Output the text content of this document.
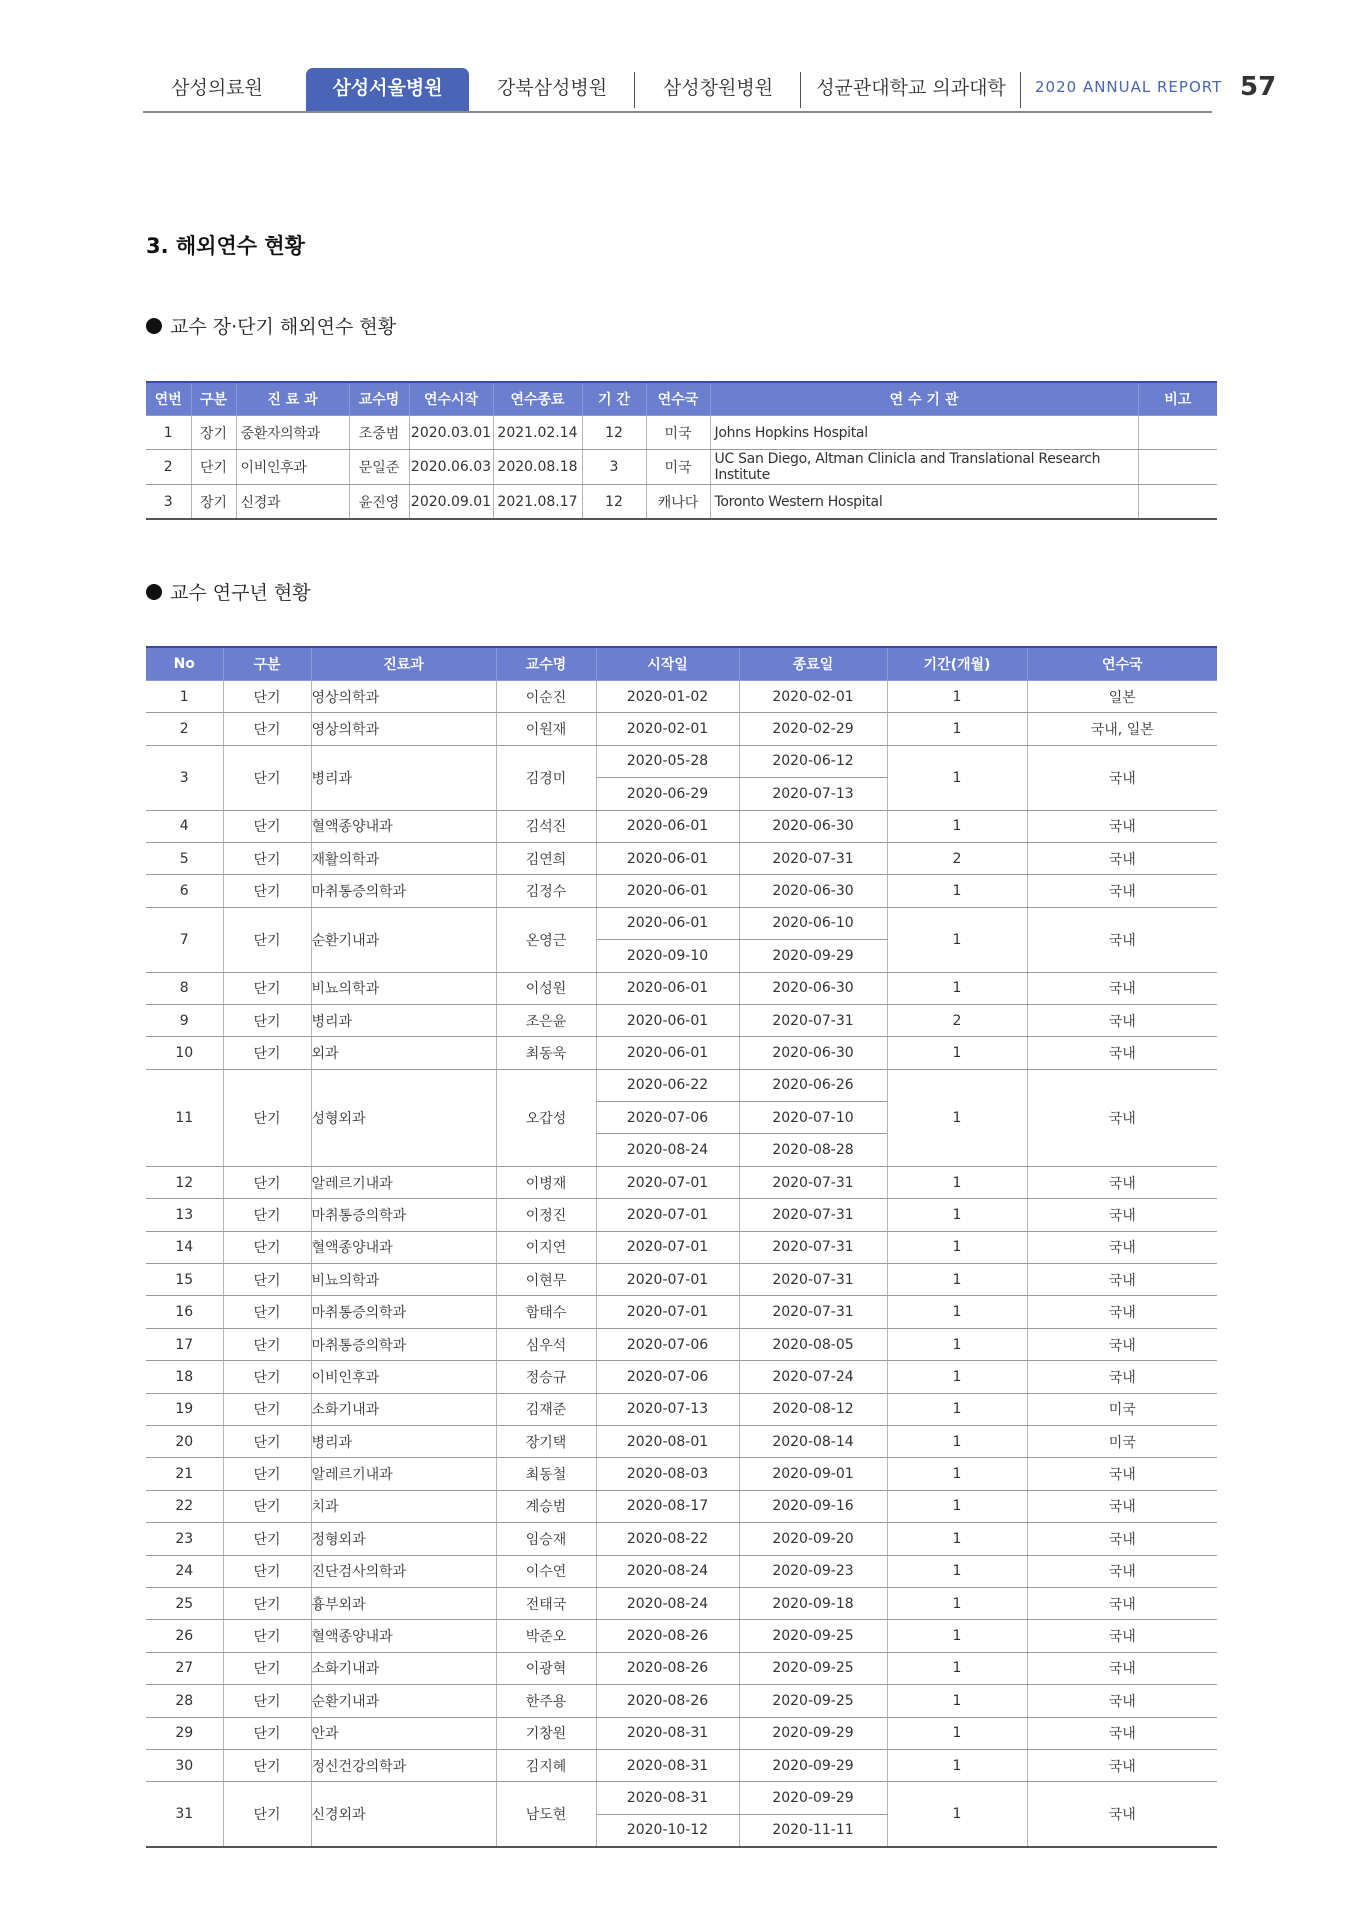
삼성의료원	삼성서울병원	강북삼성병원	삼성창원병원	성균관대학교 의과대학	2020 ANNUAL REPORT 57
3. 해외연수 현황
교수 장·단기 해외연수 현황
연번	구분	진 료 과	교수명	연수시작	연수종료	기 간	연수국	연 수 기 관	비고
1	장기	중환자의학과	조중범	2020.03.01	2021.02.14	12	미국	Johns Hopkins Hospital	
2	단기	이비인후과	문일준	2020.06.03	2020.08.18	3	미국	UC San Diego, Altman Clinicla and Translational Research Institute	
3	장기	신경과	윤진영	2020.09.01	2021.08.17	12	캐나다	Toronto Western Hospital	
교수 연구년 현황
No	구분	진료과	교수명	시작일	종료일	기간(개월)	연수국
1	단기	영상의학과	이순진	2020-01-02	2020-02-01	1	일본
2	단기	영상의학과	이원재	2020-02-01	2020-02-29	1	국내, 일본
3	단기	병리과	김경미	2020-05-28	2020-06-12	1	국내
				2020-06-29	2020-07-13		
4	단기	혈액종양내과	김석진	2020-06-01	2020-06-30	1	국내
5	단기	재활의학과	김연희	2020-06-01	2020-07-31	2	국내
6	단기	마취통증의학과	김정수	2020-06-01	2020-06-30	1	국내
7	단기	순환기내과	온영근	2020-06-01	2020-06-10	1	국내
				2020-09-10	2020-09-29		
8	단기	비뇨의학과	이성원	2020-06-01	2020-06-30	1	국내
9	단기	병리과	조은윤	2020-06-01	2020-07-31	2	국내
10	단기	외과	최동욱	2020-06-01	2020-06-30	1	국내
11	단기	성형외과	오갑성	2020-06-22	2020-06-26	1	국내
				2020-07-06	2020-07-10		
				2020-08-24	2020-08-28		
12	단기	알레르기내과	이병재	2020-07-01	2020-07-31	1	국내
13	단기	마취통증의학과	이정진	2020-07-01	2020-07-31	1	국내
14	단기	혈액종양내과	이지연	2020-07-01	2020-07-31	1	국내
15	단기	비뇨의학과	이현무	2020-07-01	2020-07-31	1	국내
16	단기	마취통증의학과	함태수	2020-07-01	2020-07-31	1	국내
17	단기	마취통증의학과	심우석	2020-07-06	2020-08-05	1	국내
18	단기	이비인후과	정승규	2020-07-06	2020-07-24	1	국내
19	단기	소화기내과	김재준	2020-07-13	2020-08-12	1	미국
20	단기	병리과	장기택	2020-08-01	2020-08-14	1	미국
21	단기	알레르기내과	최동철	2020-08-03	2020-09-01	1	국내
22	단기	치과	계승범	2020-08-17	2020-09-16	1	국내
23	단기	정형외과	임승재	2020-08-22	2020-09-20	1	국내
24	단기	진단검사의학과	이수연	2020-08-24	2020-09-23	1	국내
25	단기	흉부외과	전태국	2020-08-24	2020-09-18	1	국내
26	단기	혈액종양내과	박준오	2020-08-26	2020-09-25	1	국내
27	단기	소화기내과	이광혁	2020-08-26	2020-09-25	1	국내
28	단기	순환기내과	한주용	2020-08-26	2020-09-25	1	국내
29	단기	안과	기창원	2020-08-31	2020-09-29	1	국내
30	단기	정신건강의학과	김지혜	2020-08-31	2020-09-29	1	국내
31	단기	신경외과	남도현	2020-08-31	2020-09-29	1	국내
				2020-10-12	2020-11-11		
